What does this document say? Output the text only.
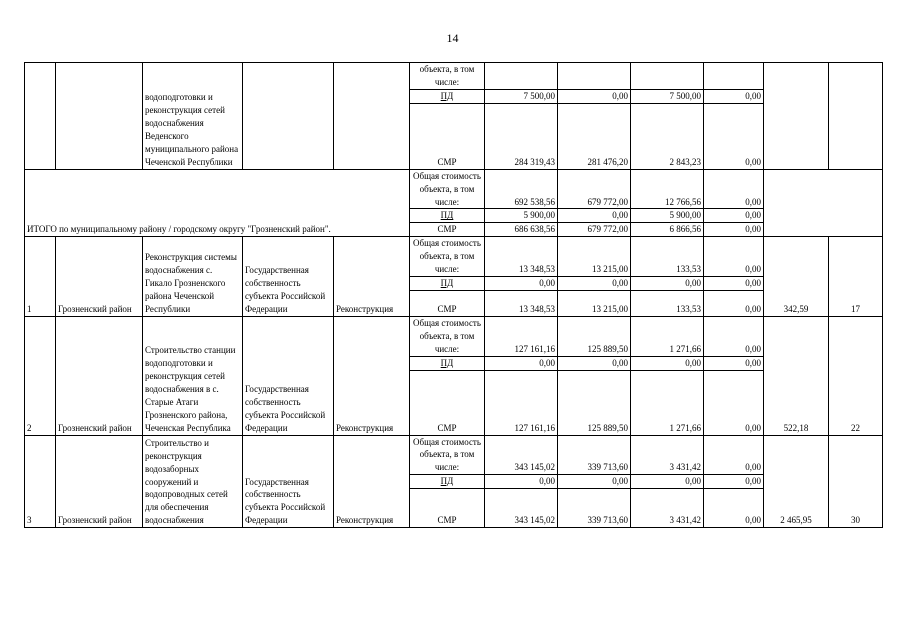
14
		водоподготовки и реконструкция сетей водоснабжения Веденского муниципального района Чеченской Республики			объекта, в том числе:						
					ПД	7 500,00	0,00	7 500,00	0,00		
					СМР	284 319,43	281 476,20	2 843,23	0,00		
ИТОГО по муниципальному району / городскому округу "Грозненский район".					Общая стоимость объекта, в том числе:	692 538,56	679 772,00	12 766,56	0,00		
					ПД	5 900,00	0,00	5 900,00	0,00		
					СМР	686 638,56	679 772,00	6 866,56	0,00		
1	Грозненский район	Реконструкция системы водоснабжения с. Гикало Грозненского района Чеченской Республики	Государственная собственность субъекта Российской Федерации	Реконструкция	Общая стоимость объекта, в том числе:	13 348,53	13 215,00	133,53	0,00	342,59	17
					ПД	0,00	0,00	0,00	0,00		
					СМР	13 348,53	13 215,00	133,53	0,00		
2	Грозненский район	Строительство станции водоподготовки и реконструкция сетей водоснабжения в с. Старые Атаги Грозненского района, Чеченская Республика	Государственная собственность субъекта Российской Федерации	Реконструкция	Общая стоимость объекта, в том числе:	127 161,16	125 889,50	1 271,66	0,00	522,18	22
					ПД	0,00	0,00	0,00	0,00		
					СМР	127 161,16	125 889,50	1 271,66	0,00		
3	Грозненский район	Строительство и реконструкция водозаборных сооружений и водопроводных сетей для обеспечения водоснабжения	Государственная собственность субъекта Российской Федерации	Реконструкция	Общая стоимость объекта, в том числе:	343 145,02	339 713,60	3 431,42	0,00	2 465,95	30
					ПД	0,00	0,00	0,00	0,00		
					СМР	343 145,02	339 713,60	3 431,42	0,00		
